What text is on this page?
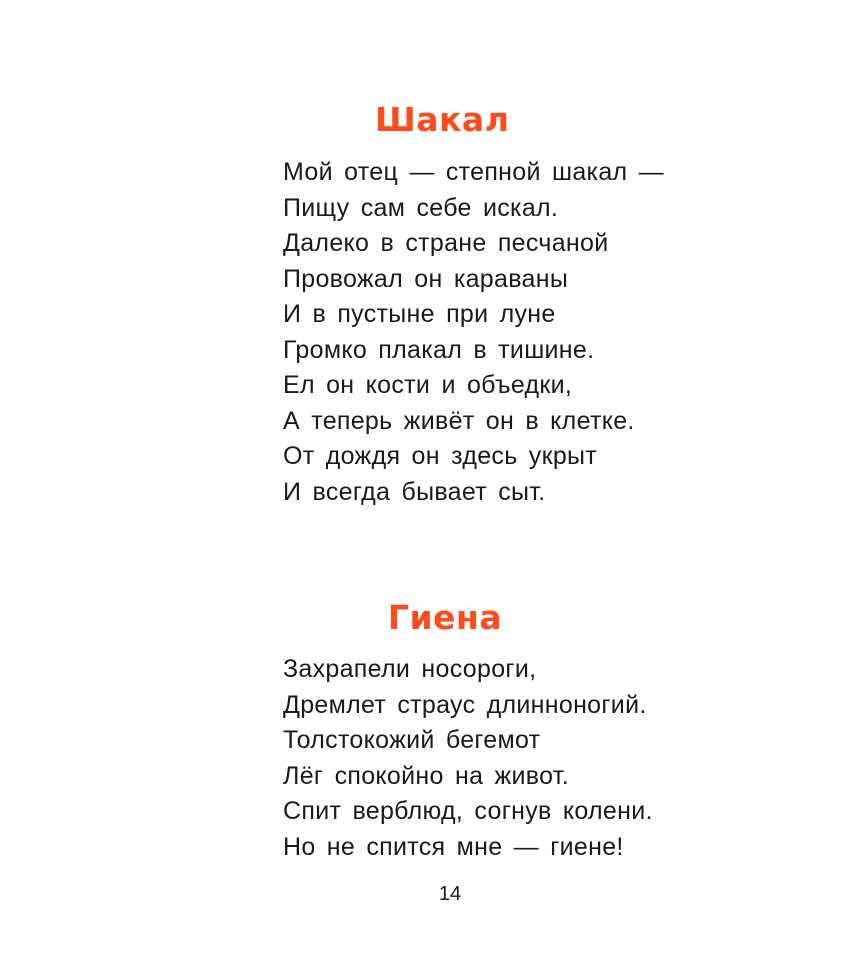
Шакал
Мой отец — степной шакал —
Пищу сам себе искал.
Далеко в стране песчаной
Провожал он караваны
И в пустыне при луне
Громко плакал в тишине.
Ел он кости и объедки,
А теперь живёт он в клетке.
От дождя он здесь укрыт
И всегда бывает сыт.
Гиена
Захрапели носороги,
Дремлет страус длинноногий.
Толстокожий бегемот
Лёг спокойно на живот.
Спит верблюд, согнув колени.
Но не спится мне — гиене!
14
